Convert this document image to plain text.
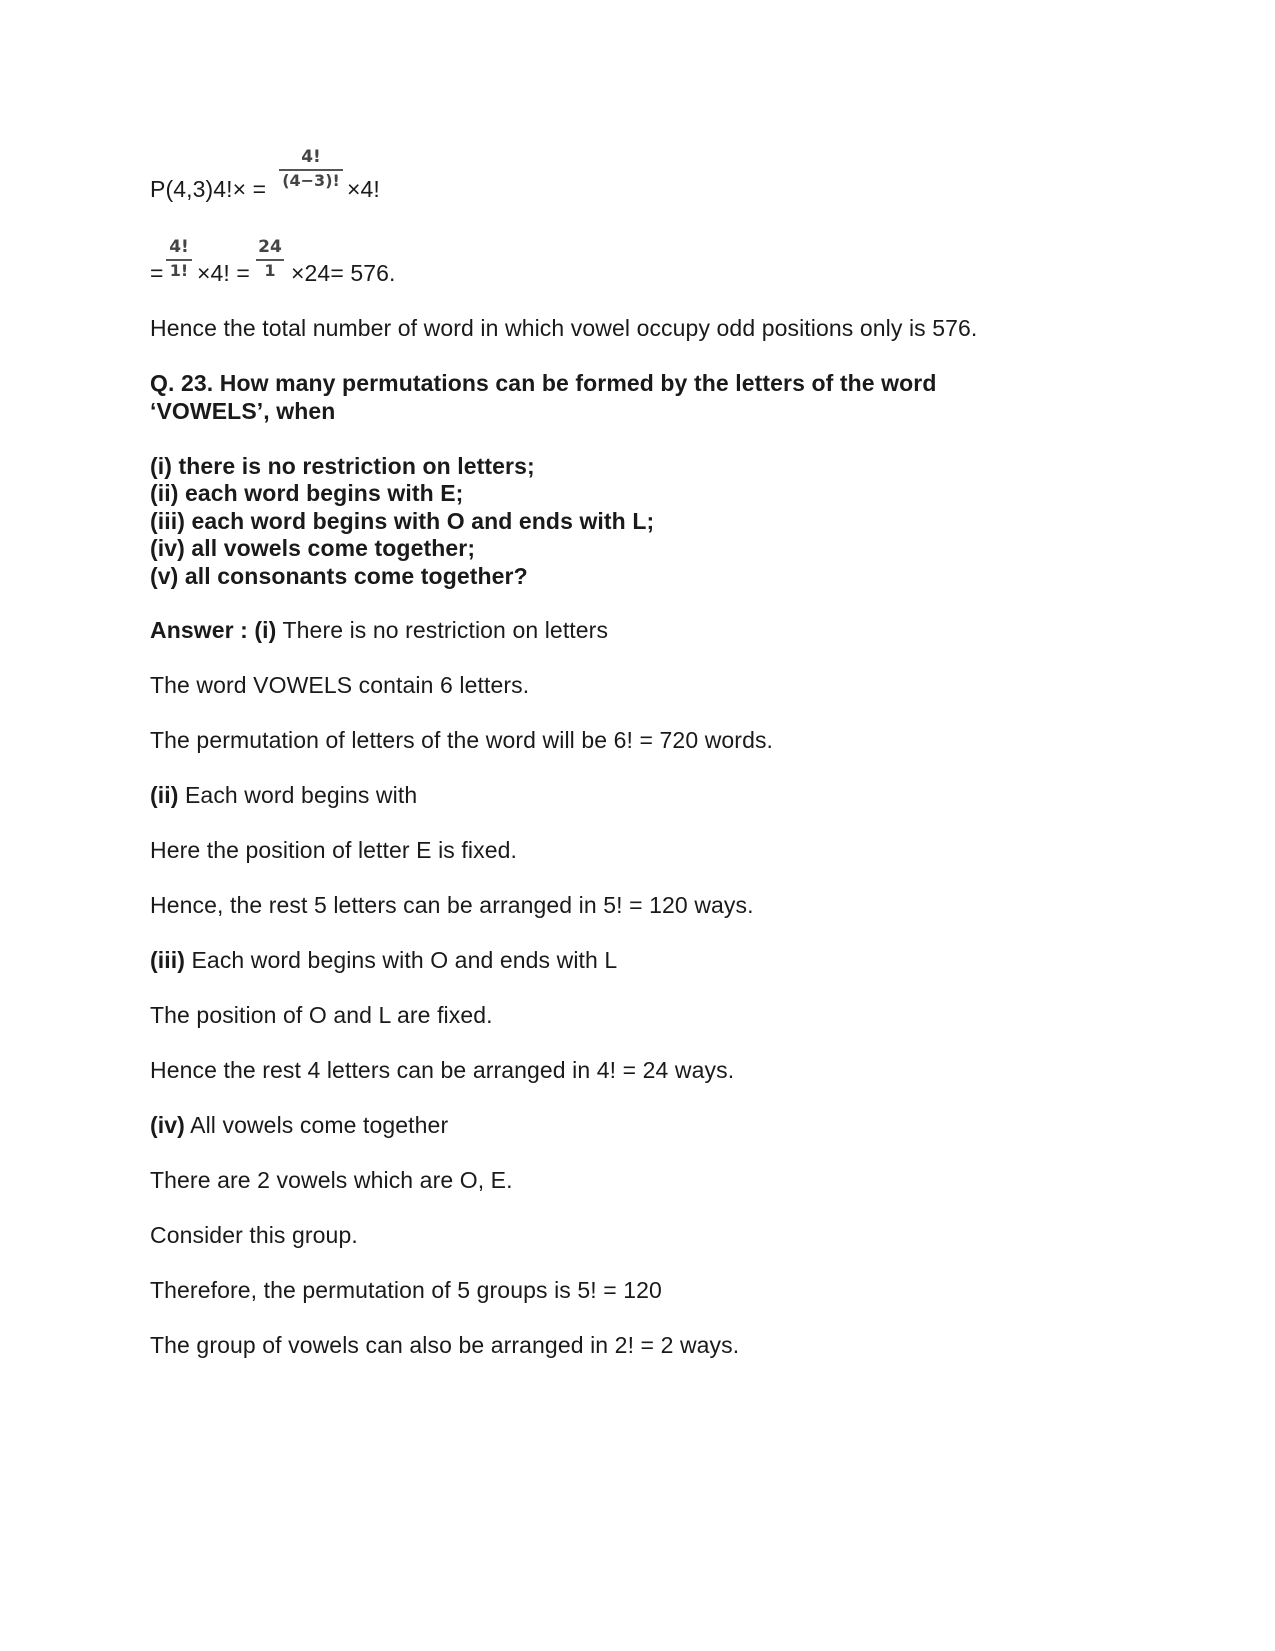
P(4,3)4!× =
4!
(4−3)! ×4!
=
4!
1! ×4! =
24
1 ×24= 576.
Hence the total number of word in which vowel occupy odd positions only is 576.
Q. 23. How many permutations can be formed by the letters of the word
‘VOWELS’, when
(i) there is no restriction on letters;
(ii) each word begins with E;
(iii) each word begins with O and ends with L;
(iv) all vowels come together;
(v) all consonants come together?
Answer : (i) There is no restriction on letters
The word VOWELS contain 6 letters.
The permutation of letters of the word will be 6! = 720 words.
(ii) Each word begins with
Here the position of letter E is fixed.
Hence, the rest 5 letters can be arranged in 5! = 120 ways.
(iii) Each word begins with O and ends with L
The position of O and L are fixed.
Hence the rest 4 letters can be arranged in 4! = 24 ways.
(iv) All vowels come together
There are 2 vowels which are O, E.
Consider this group.
Therefore, the permutation of 5 groups is 5! = 120
The group of vowels can also be arranged in 2! = 2 ways.
